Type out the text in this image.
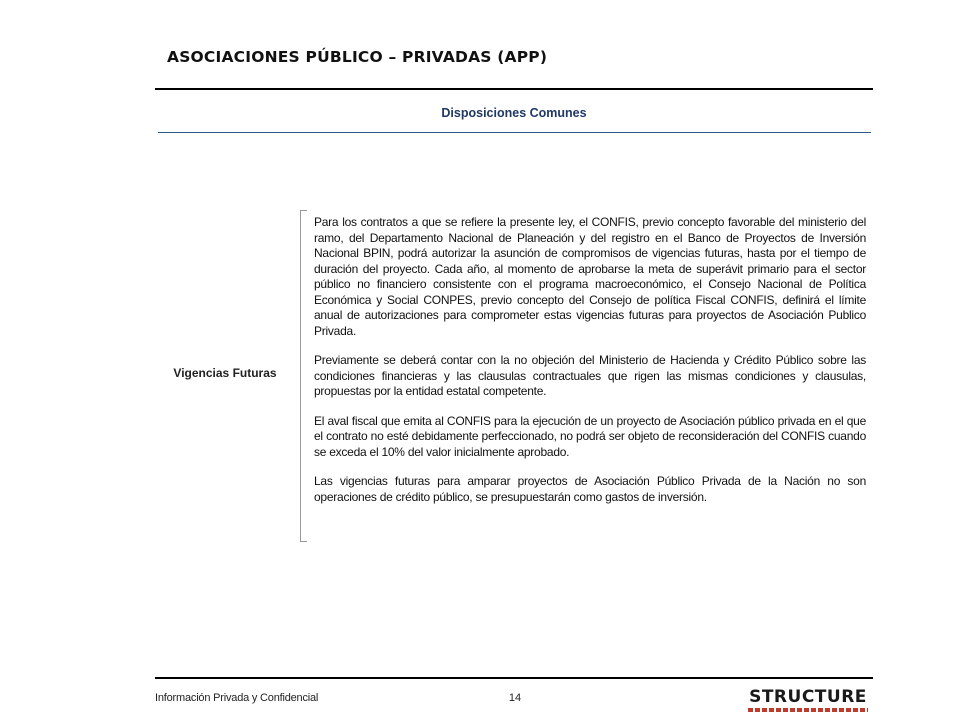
ASOCIACIONES PÚBLICO – PRIVADAS (APP)
Disposiciones Comunes
Vigencias Futuras

Para los contratos a que se refiere la presente ley, el CONFIS, previo concepto favorable del ministerio del ramo, del Departamento Nacional de Planeación y del registro en el Banco de Proyectos de Inversión Nacional BPIN, podrá autorizar la asunción de compromisos de vigencias futuras, hasta por el tiempo de duración del proyecto. Cada año, al momento de aprobarse la meta de superávit primario para el sector público no financiero consistente con el programa macroeconómico, el Consejo Nacional de Política Económica y Social CONPES, previo concepto del Consejo de política Fiscal CONFIS, definirá el límite anual de autorizaciones para comprometer estas vigencias futuras para proyectos de Asociación Publico Privada.

Previamente se deberá contar con la no objeción del Ministerio de Hacienda y Crédito Público sobre las condiciones financieras y las clausulas contractuales que rigen las mismas condiciones y clausulas, propuestas por la entidad estatal competente.

El aval fiscal que emita al CONFIS para la ejecución de un proyecto de Asociación público privada en el que el contrato no esté debidamente perfeccionado, no podrá ser objeto de reconsideración del CONFIS cuando se exceda el 10% del valor inicialmente aprobado.

Las vigencias futuras para amparar proyectos de Asociación Público Privada de la Nación no son operaciones de crédito público, se presupuestarán como gastos de inversión.

Información Privada y Confidencial	14	STRUCTURE
